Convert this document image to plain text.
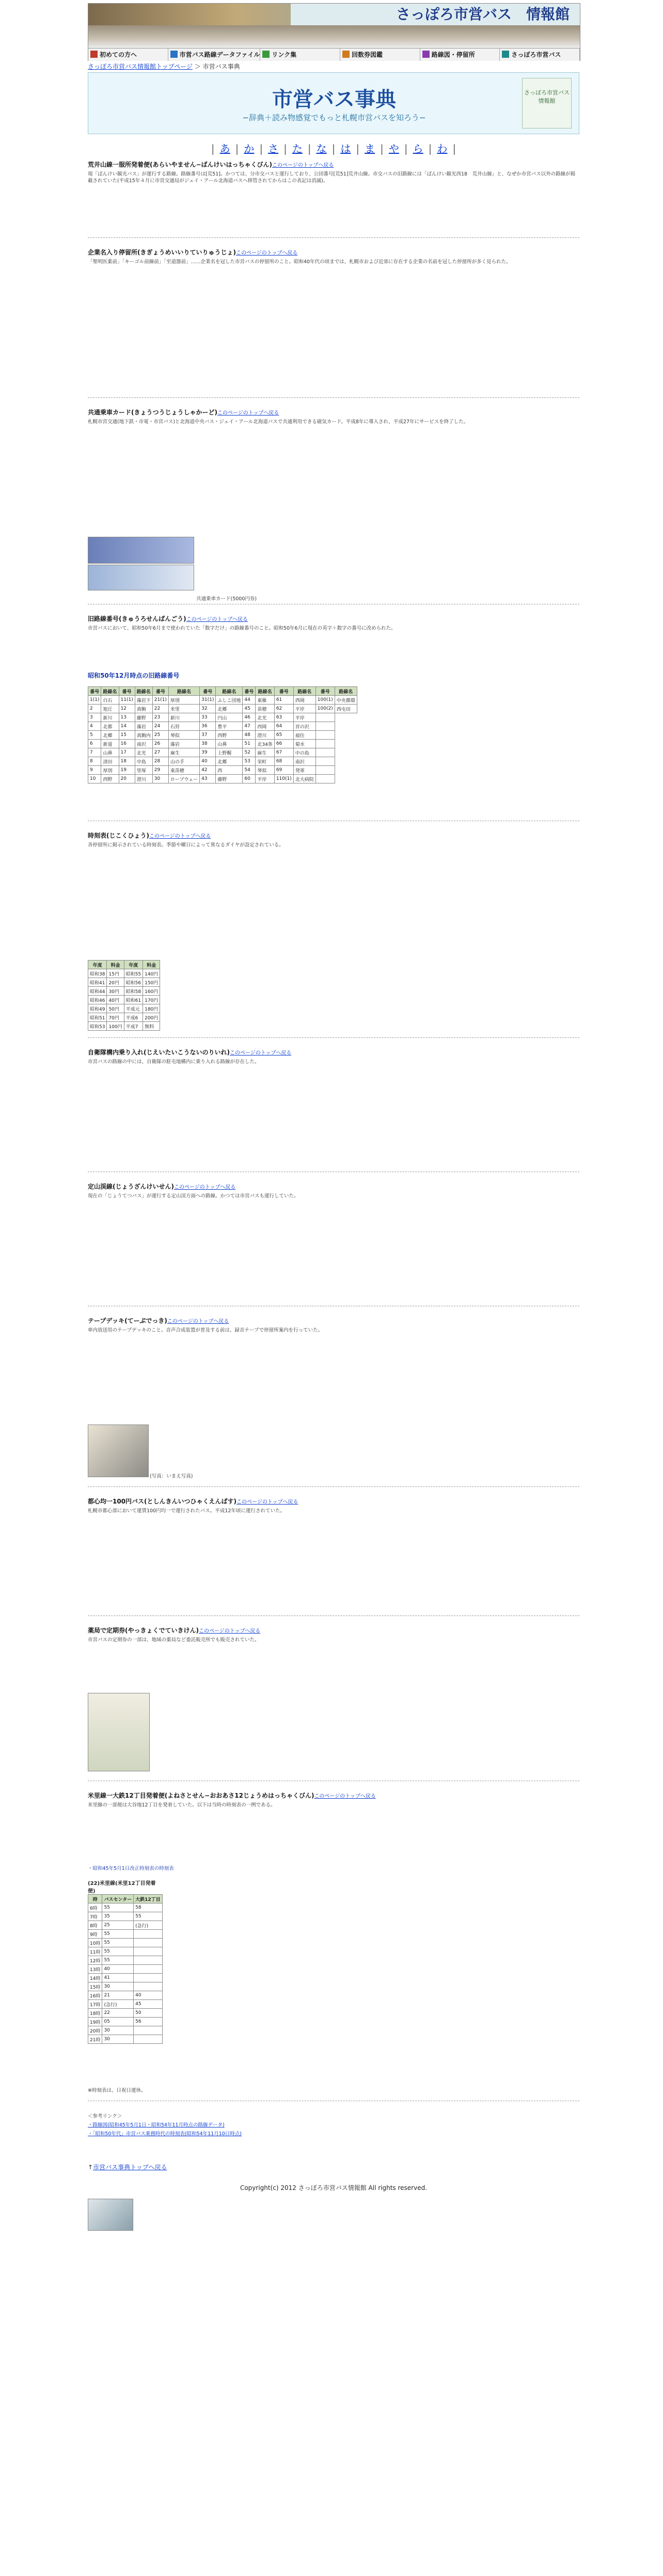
さっぽろ市営バス　情報館
初めての方へ	市営バス路線データファイル	リンク集	回数券図鑑	路線図・停留所	さっぽろ市営バス
さっぽろ市営バス情報館トップページ ＞ 市営バス事典
市営バス事典
−辞典＋読み物感覚でもっと札幌市営バスを知ろう−
さっぽろ市営バス情報館
| あ | か | さ | た | な | は | ま | や | ら | わ |
荒井山線一服所発着便(あらいやません−ばんけいはっちゃくびん)このページのトップへ戻る
現「ばんけい観光バス」が運行する路線。路線番号は[荒51]。かつては、分市交バスと運行しており、公団番号[荒51]荒井山線。市交バスの旧路線には「ばんけい観光西18　荒井山線」と、なぜか市営バス以外の路線が掲載されていた(平成15年４月に市営交通局がジェイ・アール北海道バスへ移管されてからはこの表記は消滅)。
企業名入り停留所(きぎょうめいいりていりゅうじょ)このページのトップへ戻る
「聖明医薬前」「キーゴル前線前」「至道器前」……企業名を冠した市営バスの停留所のこと。昭和40年代の頃までは、札幌市および近郊に存在する企業の名前を冠した停留所が多く見られた。
共通乗車カード(きょうつうじょうしゃかーど)このページのトップへ戻る
札幌市営交通(地下鉄・市電・市営バス)と北海道中央バス・ジェイ・アール北海道バスで共通利用できる磁気カード。平成8年に導入され、平成27年にサービスを終了した。
共通乗車カード(5000円券)
旧路線番号(きゅうろせんばんごう)このページのトップへ戻る
市営バスにおいて、昭和50年6月まで使われていた「数字だけ」の路線番号のこと。昭和50年6月に現在の英字＋数字の番号に改められた。
昭和50年12月時点の旧路線番号
番号	路線名	番号	路線名	番号	路線名	番号	路線名	番号	路線名	番号	路線名	番号	路線名
1(1)	白石	11(1)	藻岩下	21(1)	厚別	31(1)	ふしこ団地	44	東雁	61	西岡	100(1)	中央循環
2	旭丘	12	真駒	22	米里	32	北郷	45	苗穂	62	平岸	100(2)	西屯田
3	新川	13	藤野	23	新川	33	円山	46	北光	63	平岸		
4	北都	14	藻岩	24	石狩	36	豊平	47	西岡	64	宮の沢		
5	北郷	15	真駒内	25	琴似	37	西野	48	澄川	65	福住		
6	新道	16	南沢	26	藻岩	38	山鼻	51	北34条	66	菊水		
7	山鼻	17	北光	27	麻生	39	上野幌	52	麻生	67	中の島		
8	清田	18	中島	28	山の手	40	北郷	53	栄町	68	南沢		
9	厚別	19	里塚	29	東苗穂	42	西	54	琴似	69	発寒		
10	西野	20	澄川	30	ローブウェー	43	藤野	60	平岸	110(1)	北大病院		
時刻表(じこくひょう)このページのトップへ戻る
各停留所に掲示されている時刻表。季節や曜日によって異なるダイヤが設定されている。
年度	料金	年度	料金
昭和38	15円	昭和55	140円
昭和41	20円	昭和56	150円
昭和44	30円	昭和58	160円
昭和46	40円	昭和61	170円
昭和49	50円	平成元	180円
昭和51	70円	平成6	200円
昭和53	100円	平成7	無料
自衛隊構内乗り入れ(じえいたいこうないのりいれ)このページのトップへ戻る
市営バスの路線の中には、自衛隊の駐屯地構内に乗り入れる路線が存在した。
定山渓線(じょうざんけいせん)このページのトップへ戻る
現在の「じょうてつバス」が運行する定山渓方面への路線。かつては市営バスも運行していた。
テープデッキ(てーぷでっき)このページのトップへ戻る
車内放送用のテープデッキのこと。音声合成装置が普及する前は、録音テープで停留所案内を行っていた。
(写真：いまえ写真)
都心均一100円バス(としんきんいつひゃくえんばす)このページのトップへ戻る
札幌市都心部において運賃100円均一で運行されたバス。平成12年頃に運行されていた。
薬局で定期券(やっきょくでていきけん)このページのトップへ戻る
市営バスの定期券の一部は、地域の薬局など委託販売所でも販売されていた。
米里線一大鉄12丁目発着便(よねさとせん−おおあさ12じょうめはっちゃくびん)このページのトップへ戻る
米里線の一部便は大谷地12丁目を発着していた。以下は当時の時刻表の一例である。
・昭和45年5月1日改正時刻表の時刻表
(22)米里線(米里12丁目発着便)
時	バスセンター	大鉄12丁目
6時	55	58
7時	35	55
8時	25	(急行)
9時	55	
10時	55	
11時	55	
12時	55	
13時	40	
14時	41	
15時	30	
16時	21	40
17時	(急行)	45
18時	22	50
19時	05	56
20時	30	
21時	30	
※時刻表は、日祝日運休。
＜参考リンク＞
・路線図(昭和45年5月1日・昭和54年11月時点の路線データ)
・「昭和50年代」市営バス乗務時代の時刻表(昭和54年11月10日時点)
↑市営バス事典トップへ戻る
Copyright(c) 2012 さっぽろ市営バス情報館 All rights reserved.
